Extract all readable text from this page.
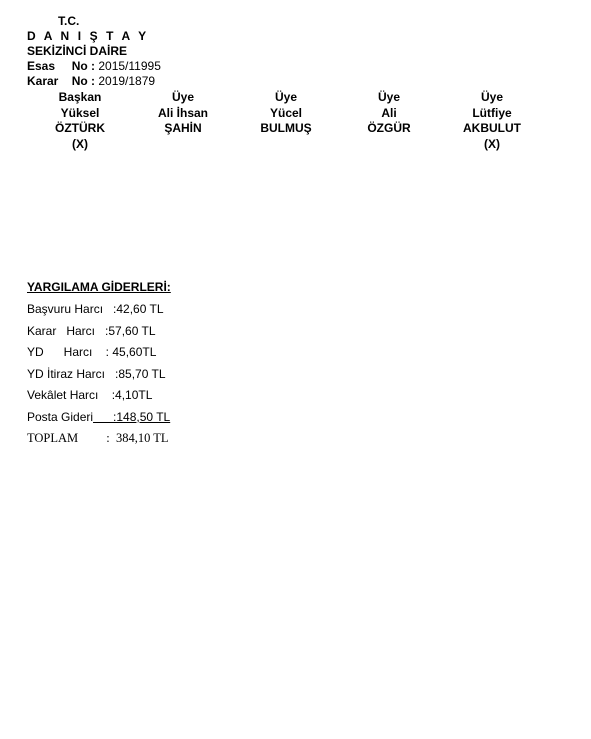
T.C.
D A N I Ş T A Y
SEKİZİNCİ DAİRE
Esas     No : 2015/11995
Karar    No : 2019/1879
Başkan
Yüksel
ÖZTÜRK
(X)
Üye
Ali İhsan
ŞAHİN
Üye
Yücel
BULMUŞ
Üye
Ali
ÖZGÜR
Üye
Lütfiye
AKBULUT
(X)
YARGILAMA GİDERLERİ:
Başvuru Harcı   :42,60 TL
Karar   Harcı   :57,60 TL
YD      Harcı    : 45,60TL
YD İtiraz Harcı   :85,70 TL
Vekâlet Harcı    :4,10TL
Posta Gideri      :148,50 TL
TOPLAM         :  384,10 TL
